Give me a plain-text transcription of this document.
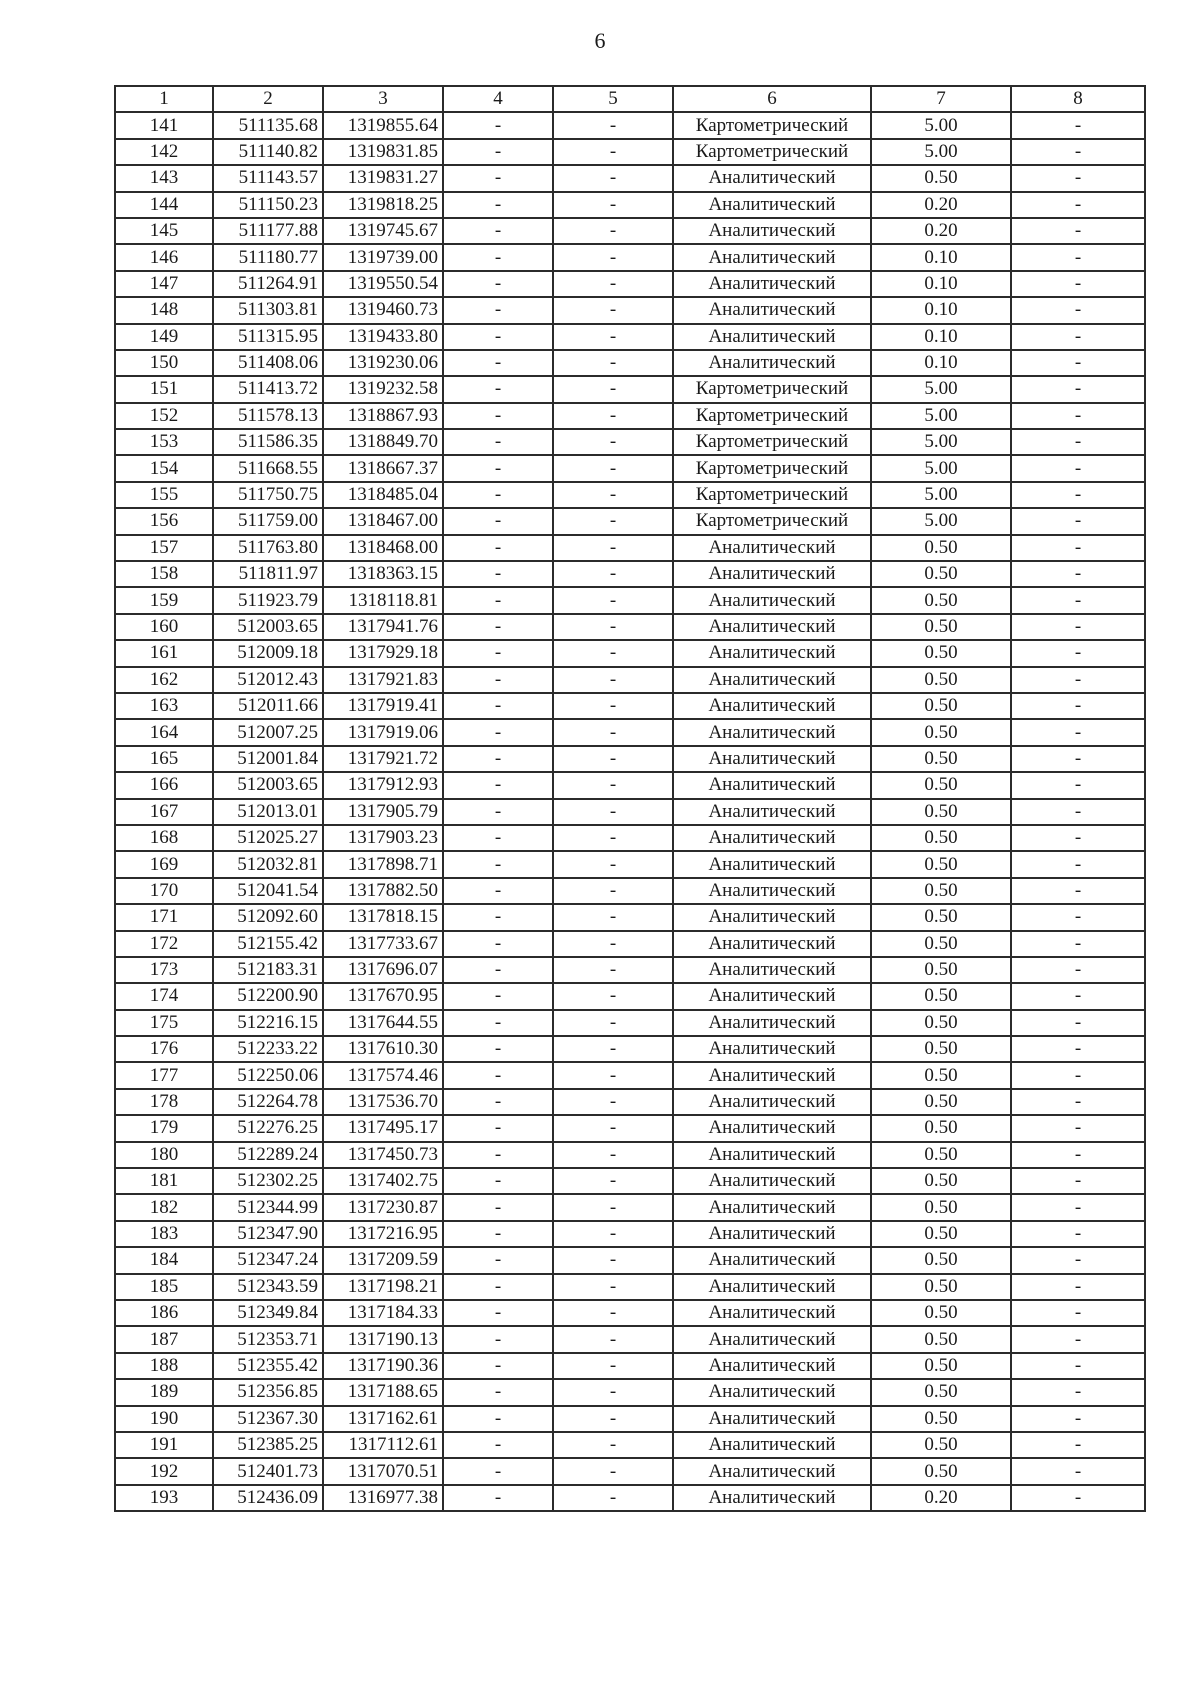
6
1	2	3	4	5	6	7	8
141	511135.68	1319855.64	-	-	Картометрический	5.00	-
142	511140.82	1319831.85	-	-	Картометрический	5.00	-
143	511143.57	1319831.27	-	-	Аналитический	0.50	-
144	511150.23	1319818.25	-	-	Аналитический	0.20	-
145	511177.88	1319745.67	-	-	Аналитический	0.20	-
146	511180.77	1319739.00	-	-	Аналитический	0.10	-
147	511264.91	1319550.54	-	-	Аналитический	0.10	-
148	511303.81	1319460.73	-	-	Аналитический	0.10	-
149	511315.95	1319433.80	-	-	Аналитический	0.10	-
150	511408.06	1319230.06	-	-	Аналитический	0.10	-
151	511413.72	1319232.58	-	-	Картометрический	5.00	-
152	511578.13	1318867.93	-	-	Картометрический	5.00	-
153	511586.35	1318849.70	-	-	Картометрический	5.00	-
154	511668.55	1318667.37	-	-	Картометрический	5.00	-
155	511750.75	1318485.04	-	-	Картометрический	5.00	-
156	511759.00	1318467.00	-	-	Картометрический	5.00	-
157	511763.80	1318468.00	-	-	Аналитический	0.50	-
158	511811.97	1318363.15	-	-	Аналитический	0.50	-
159	511923.79	1318118.81	-	-	Аналитический	0.50	-
160	512003.65	1317941.76	-	-	Аналитический	0.50	-
161	512009.18	1317929.18	-	-	Аналитический	0.50	-
162	512012.43	1317921.83	-	-	Аналитический	0.50	-
163	512011.66	1317919.41	-	-	Аналитический	0.50	-
164	512007.25	1317919.06	-	-	Аналитический	0.50	-
165	512001.84	1317921.72	-	-	Аналитический	0.50	-
166	512003.65	1317912.93	-	-	Аналитический	0.50	-
167	512013.01	1317905.79	-	-	Аналитический	0.50	-
168	512025.27	1317903.23	-	-	Аналитический	0.50	-
169	512032.81	1317898.71	-	-	Аналитический	0.50	-
170	512041.54	1317882.50	-	-	Аналитический	0.50	-
171	512092.60	1317818.15	-	-	Аналитический	0.50	-
172	512155.42	1317733.67	-	-	Аналитический	0.50	-
173	512183.31	1317696.07	-	-	Аналитический	0.50	-
174	512200.90	1317670.95	-	-	Аналитический	0.50	-
175	512216.15	1317644.55	-	-	Аналитический	0.50	-
176	512233.22	1317610.30	-	-	Аналитический	0.50	-
177	512250.06	1317574.46	-	-	Аналитический	0.50	-
178	512264.78	1317536.70	-	-	Аналитический	0.50	-
179	512276.25	1317495.17	-	-	Аналитический	0.50	-
180	512289.24	1317450.73	-	-	Аналитический	0.50	-
181	512302.25	1317402.75	-	-	Аналитический	0.50	-
182	512344.99	1317230.87	-	-	Аналитический	0.50	-
183	512347.90	1317216.95	-	-	Аналитический	0.50	-
184	512347.24	1317209.59	-	-	Аналитический	0.50	-
185	512343.59	1317198.21	-	-	Аналитический	0.50	-
186	512349.84	1317184.33	-	-	Аналитический	0.50	-
187	512353.71	1317190.13	-	-	Аналитический	0.50	-
188	512355.42	1317190.36	-	-	Аналитический	0.50	-
189	512356.85	1317188.65	-	-	Аналитический	0.50	-
190	512367.30	1317162.61	-	-	Аналитический	0.50	-
191	512385.25	1317112.61	-	-	Аналитический	0.50	-
192	512401.73	1317070.51	-	-	Аналитический	0.50	-
193	512436.09	1316977.38	-	-	Аналитический	0.20	-
